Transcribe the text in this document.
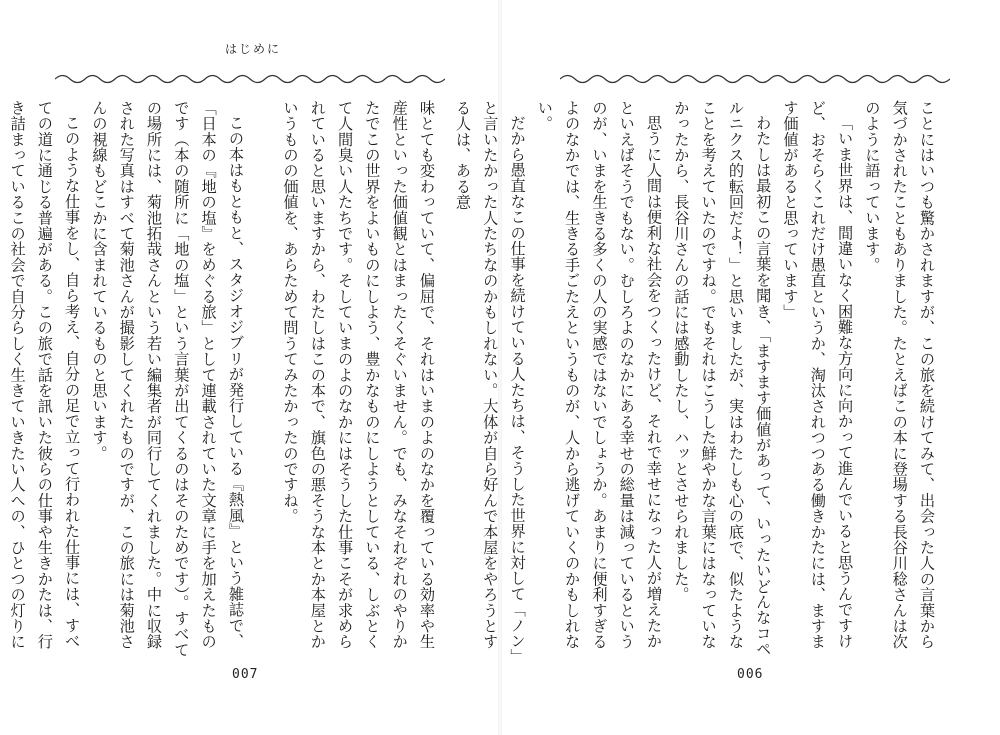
はじめに

味とても変わっていて、偏屈で、それはいまのよのなかを覆っている効率や生産性といった価値観とはまったくそぐいません。でも、みなそれぞれのやりかたでこの世界をよいものにしよう、豊かなものにしようとしている、しぶとくて人間臭い人たちです。そしていまのよのなかにはそうした仕事こそが求められていると思いますから、わたしはこの本で、旗色の悪そうな本とか本屋とかいうものの価値を、あらためて問うてみたかったのですね。

この本はもともと、スタジオジブリが発行している『熱風』という雑誌で、「日本の『地の塩』をめぐる旅」として連載されていた文章に手を加えたものです（本の随所に「地の塩」という言葉が出てくるのはそのためです）。すべての場所には、菊池拓哉さんという若い編集者が同行してくれました。中に収録された写真はすべて菊池さんが撮影してくれたものですが、この旅には菊池さんの視線もどこかに含まれているものと思います。

このような仕事をし、自ら考え、自分の足で立って行われた仕事には、すべての道に通じる普遍がある。この旅で話を訊いた彼らの仕事や生きかたは、行き詰まっているこの社会で自分らしく生きていきたい人への、ひとつの灯りに

007

ことにはいつも驚かされますが、この旅を続けてみて、出会った人の言葉から気づかされたこともありました。たとえばこの本に登場する長谷川稔さんは次のように語っています。

「いま世界は、間違いなく困難な方向に向かって進んでいると思うんですけど、おそらくこれだけ愚直というか、淘汰されつつある働きかたには、ますます価値があると思っています」

わたしは最初この言葉を聞き、「ますます価値があって、いったいどんなコペルニクス的転回だよ！」と思いましたが、実はわたしも心の底で、似たようなことを考えていたのですね。でもそれはこうした鮮やかな言葉にはなっていなかったから、長谷川さんの話には感動したし、ハッとさせられました。

思うに人間は便利な社会をつくったけど、それで幸せになった人が増えたかといえばそうでもない。むしろよのなかにある幸せの総量は減っているというのが、いまを生きる多くの人の実感ではないでしょうか。あまりに便利すぎるよのなかでは、生きる手ごたえというものが、人から逃げていくのかもしれない。

だから愚直なこの仕事を続けている人たちは、そうした世界に対して「ノン」と言いたかった人たちなのかもしれない。大体が自ら好んで本屋をやろうとする人は、ある意

006
